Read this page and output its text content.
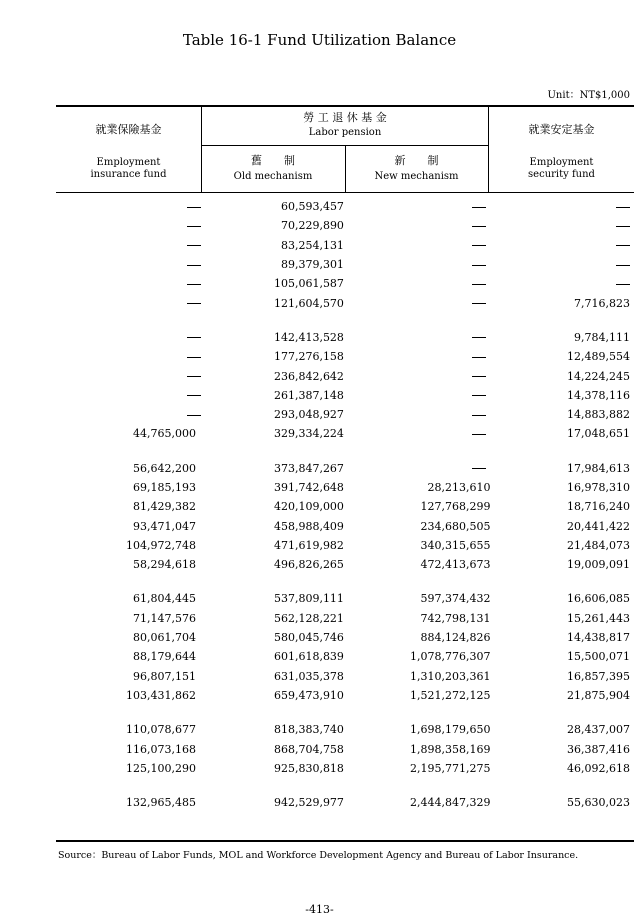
Table 16-1 Fund Utilization Balance
Unit：NT$1,000
就業保險基金
Employment
insurance fund
勞 工 退 休 基 金
Labor pension
舊　　制
Old mechanism
新　　制
New mechanism
就業安定基金
Employment
security fund
	60,593,457		
	70,229,890		
	83,254,131		
	89,379,301		
	105,061,587		
	121,604,570		7,716,823

	142,413,528		9,784,111
	177,276,158		12,489,554
	236,842,642		14,224,245
	261,387,148		14,378,116
	293,048,927		14,883,882
44,765,000	329,334,224		17,048,651

56,642,200	373,847,267		17,984,613
69,185,193	391,742,648	28,213,610	16,978,310
81,429,382	420,109,000	127,768,299	18,716,240
93,471,047	458,988,409	234,680,505	20,441,422
104,972,748	471,619,982	340,315,655	21,484,073
58,294,618	496,826,265	472,413,673	19,009,091

61,804,445	537,809,111	597,374,432	16,606,085
71,147,576	562,128,221	742,798,131	15,261,443
80,061,704	580,045,746	884,124,826	14,438,817
88,179,644	601,618,839	1,078,776,307	15,500,071
96,807,151	631,035,378	1,310,203,361	16,857,395
103,431,862	659,473,910	1,521,272,125	21,875,904

110,078,677	818,383,740	1,698,179,650	28,437,007
116,073,168	868,704,758	1,898,358,169	36,387,416
125,100,290	925,830,818	2,195,771,275	46,092,618

132,965,485	942,529,977	2,444,847,329	55,630,023
Source：Bureau of Labor Funds, MOL and Workforce Development Agency and Bureau of Labor Insurance.
-413-
